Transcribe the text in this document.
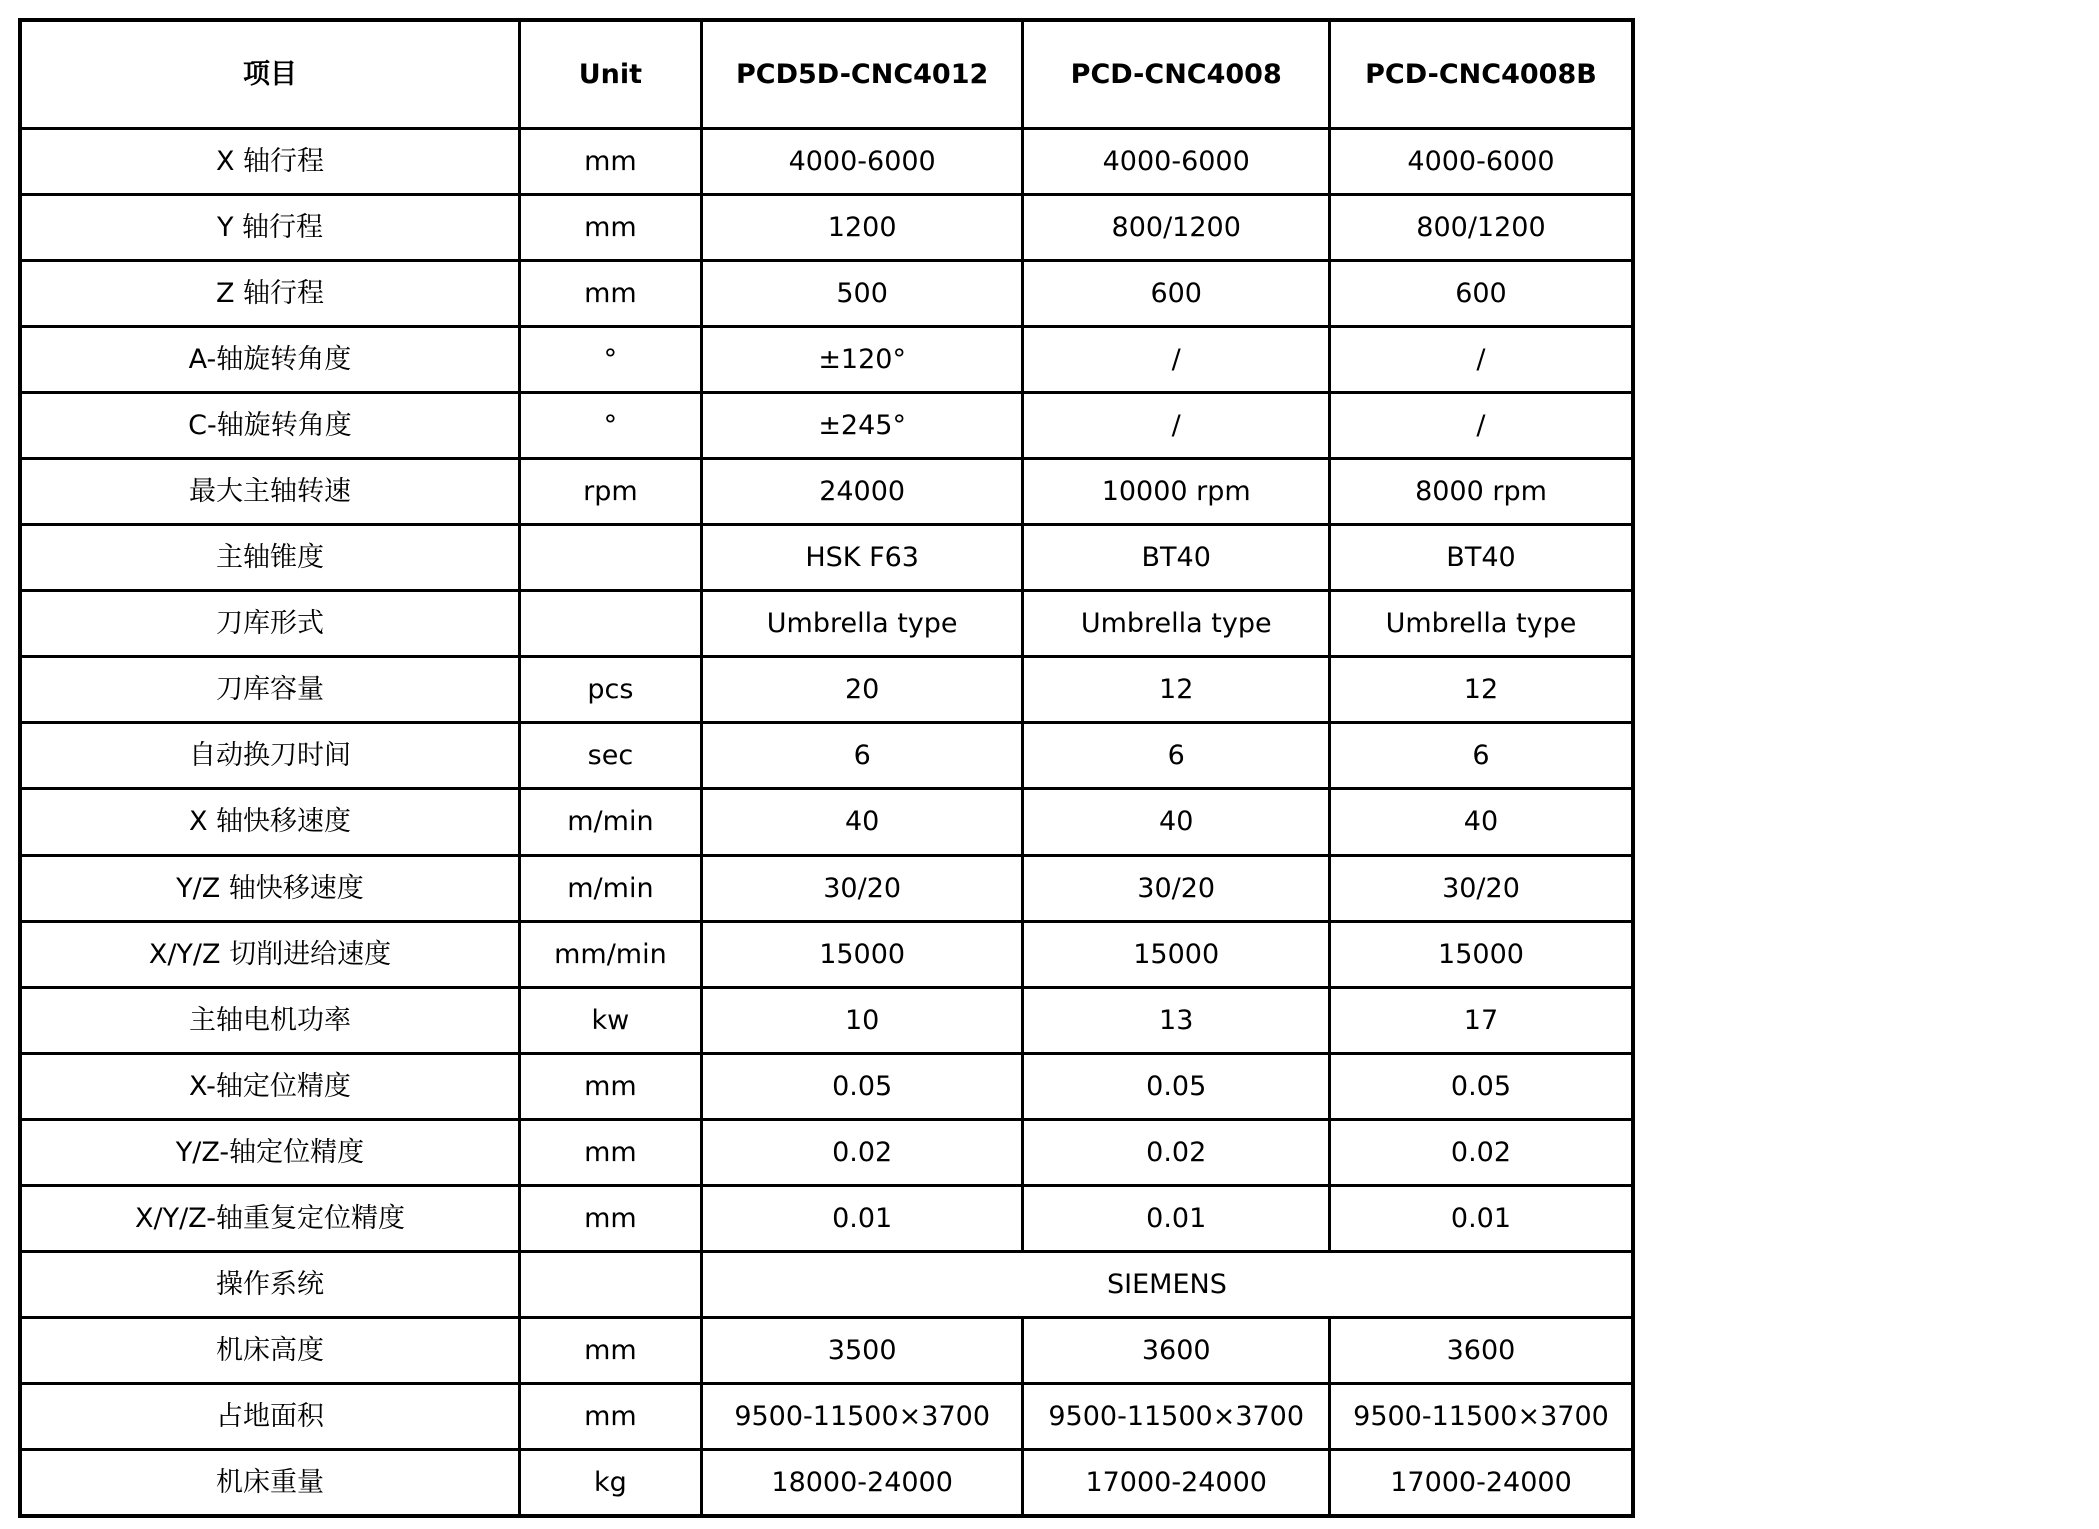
项目	Unit	PCD5D-CNC4012	PCD-CNC4008	PCD-CNC4008B
X 轴行程	mm	4000-6000	4000-6000	4000-6000
Y 轴行程	mm	1200	800/1200	800/1200
Z 轴行程	mm	500	600	600
A-轴旋转角度	°	±120°	/	/
C-轴旋转角度	°	±245°	/	/
最大主轴转速	rpm	24000	10000 rpm	8000 rpm
主轴锥度		HSK F63	BT40	BT40
刀库形式		Umbrella type	Umbrella type	Umbrella type
刀库容量	pcs	20	12	12
自动换刀时间	sec	6	6	6
X 轴快移速度	m/min	40	40	40
Y/Z 轴快移速度	m/min	30/20	30/20	30/20
X/Y/Z 切削进给速度	mm/min	15000	15000	15000
主轴电机功率	kw	10	13	17
X-轴定位精度	mm	0.05	0.05	0.05
Y/Z-轴定位精度	mm	0.02	0.02	0.02
X/Y/Z-轴重复定位精度	mm	0.01	0.01	0.01
操作系统		SIEMENS		
机床高度	mm	3500	3600	3600
占地面积	mm	9500-11500×3700	9500-11500×3700	9500-11500×3700
机床重量	kg	18000-24000	17000-24000	17000-24000
